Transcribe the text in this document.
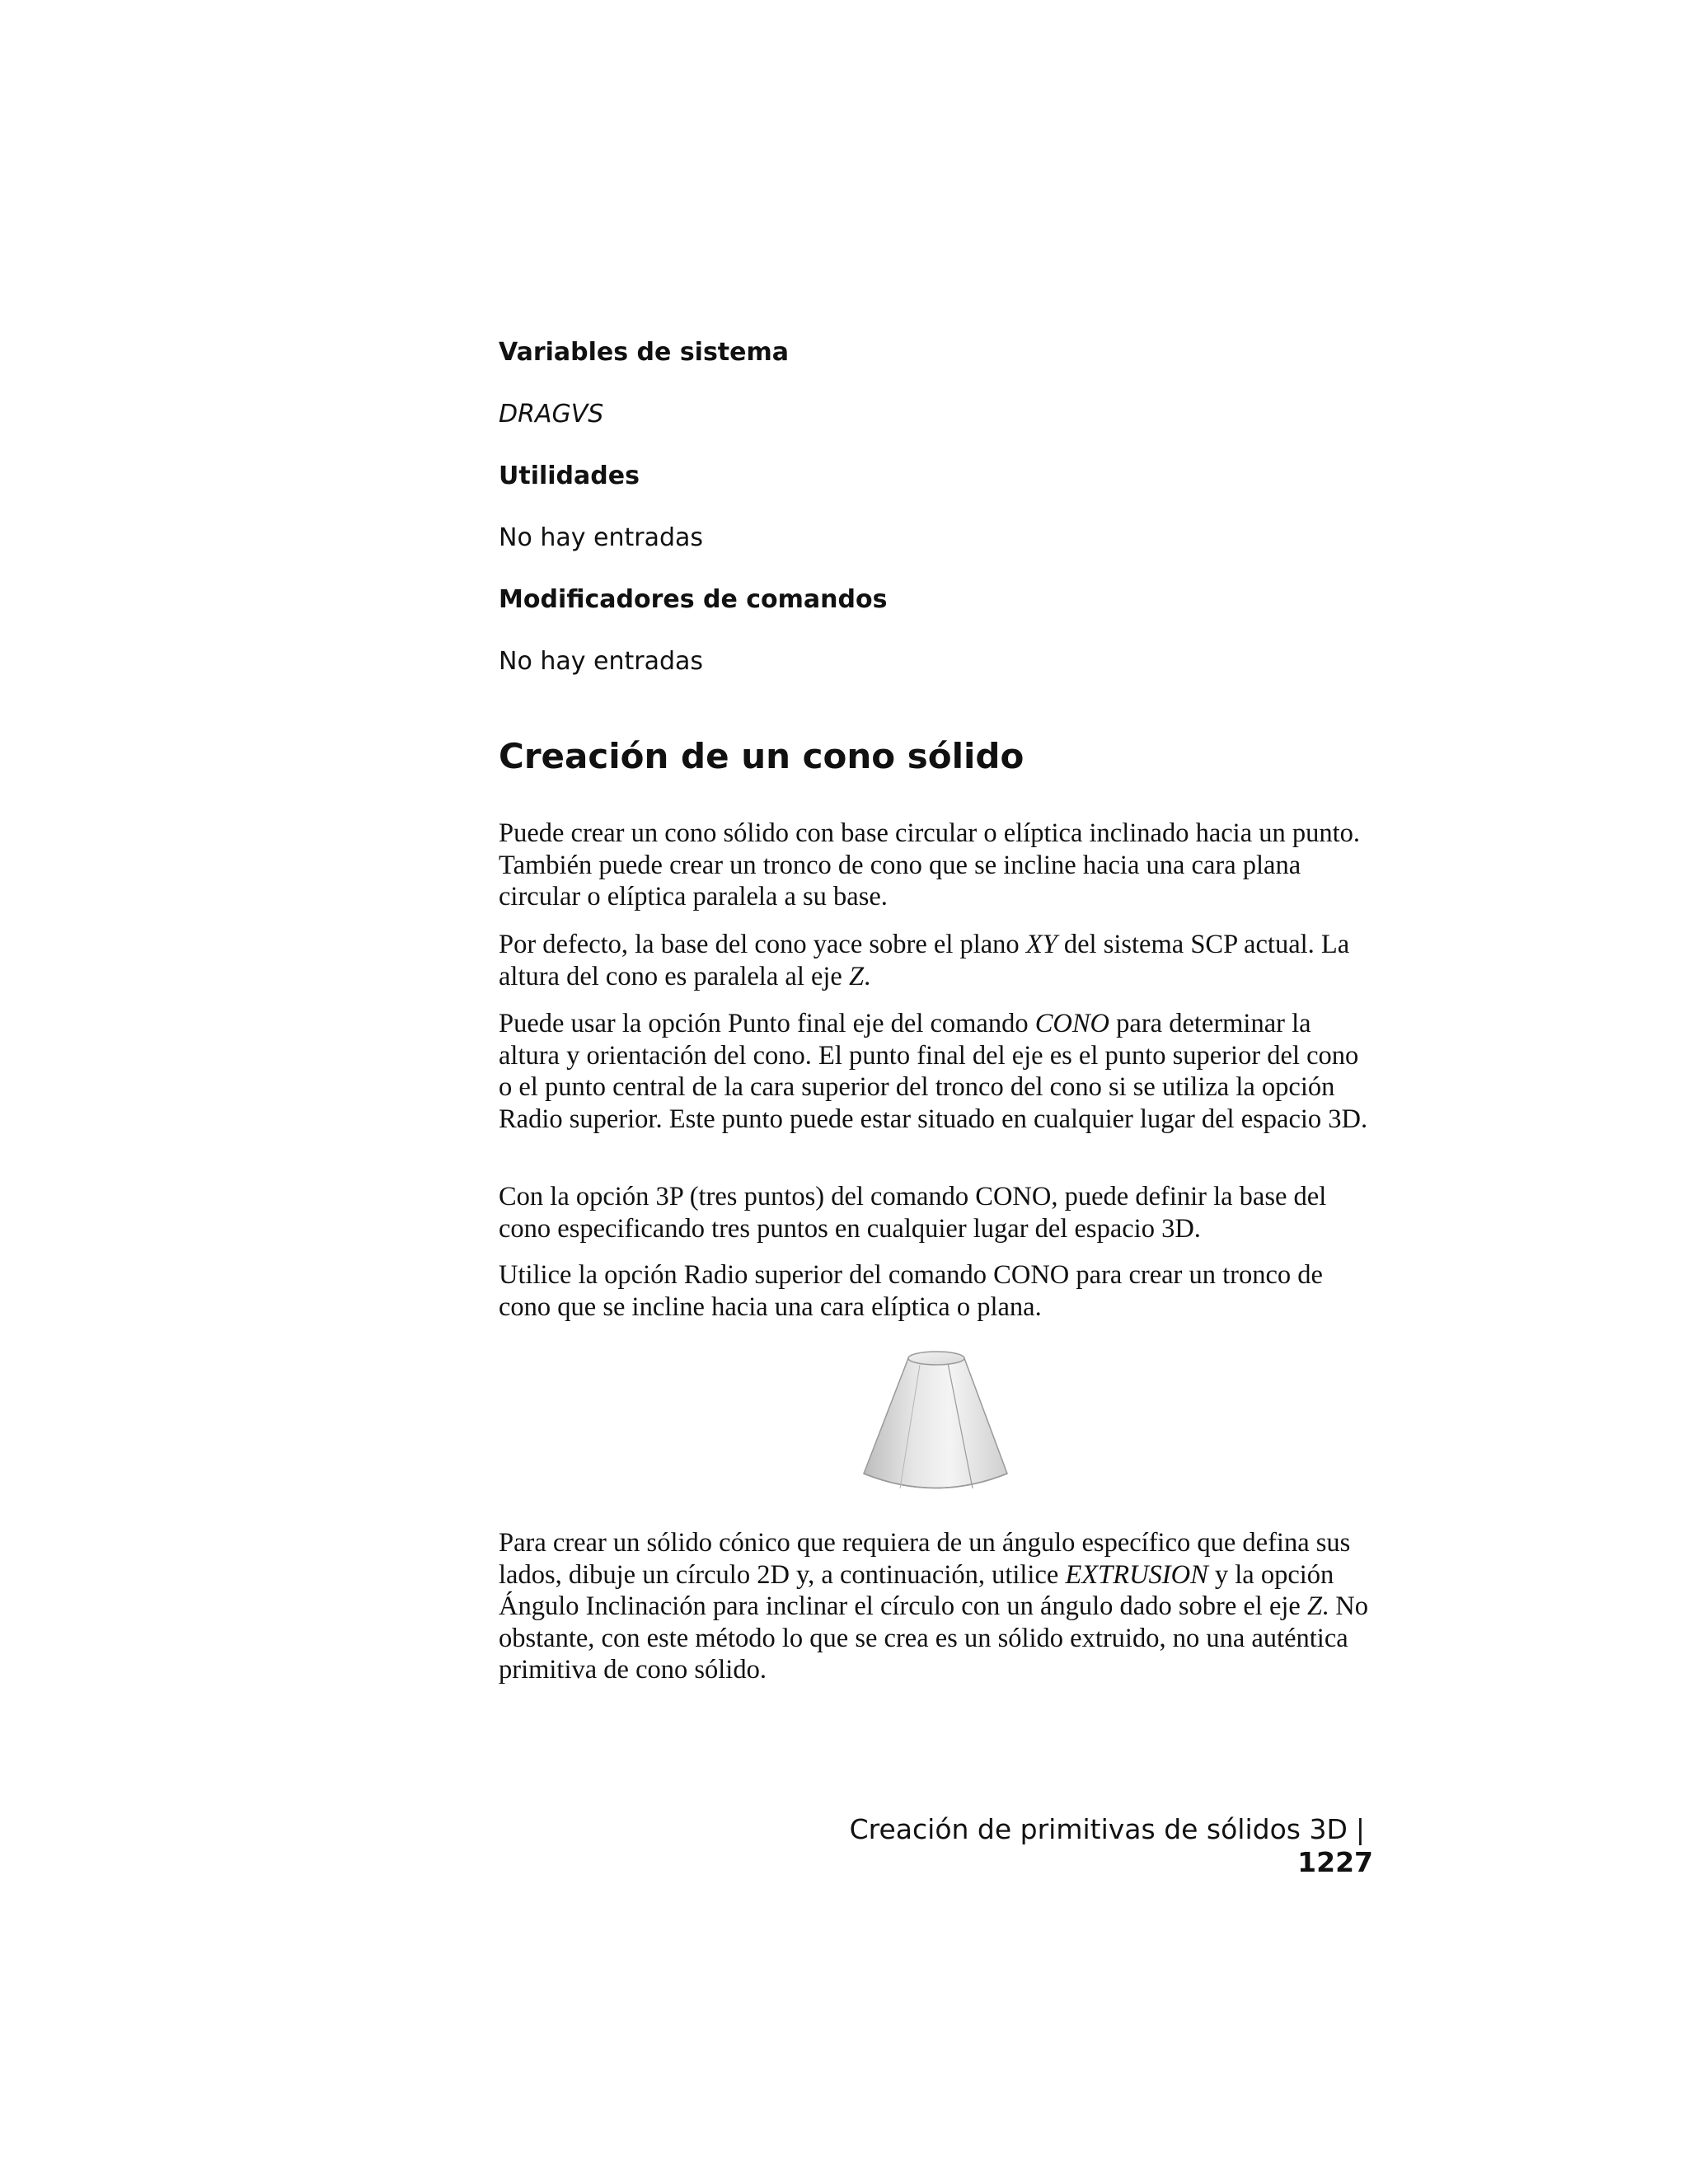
Variables de sistema

DRAGVS

Utilidades

No hay entradas

Modificadores de comandos

No hay entradas

Creación de un cono sólido

Puede crear un cono sólido con base circular o elíptica inclinado hacia un punto. También puede crear un tronco de cono que se incline hacia una cara plana circular o elíptica paralela a su base.

Por defecto, la base del cono yace sobre el plano XY del sistema SCP actual. La altura del cono es paralela al eje Z.

Puede usar la opción Punto final eje del comando CONO para determinar la altura y orientación del cono. El punto final del eje es el punto superior del cono o el punto central de la cara superior del tronco del cono si se utiliza la opción Radio superior. Este punto puede estar situado en cualquier lugar del espacio 3D.

Con la opción 3P (tres puntos) del comando CONO, puede definir la base del cono especificando tres puntos en cualquier lugar del espacio 3D.

Utilice la opción Radio superior del comando CONO para crear un tronco de cono que se incline hacia una cara elíptica o plana.

Para crear un sólido cónico que requiera de un ángulo específico que defina sus lados, dibuje un círculo 2D y, a continuación, utilice EXTRUSION y la opción Ángulo Inclinación para inclinar el círculo con un ángulo dado sobre el eje Z. No obstante, con este método lo que se crea es un sólido extruido, no una auténtica primitiva de cono sólido.

Creación de primitivas de sólidos 3D |1227
